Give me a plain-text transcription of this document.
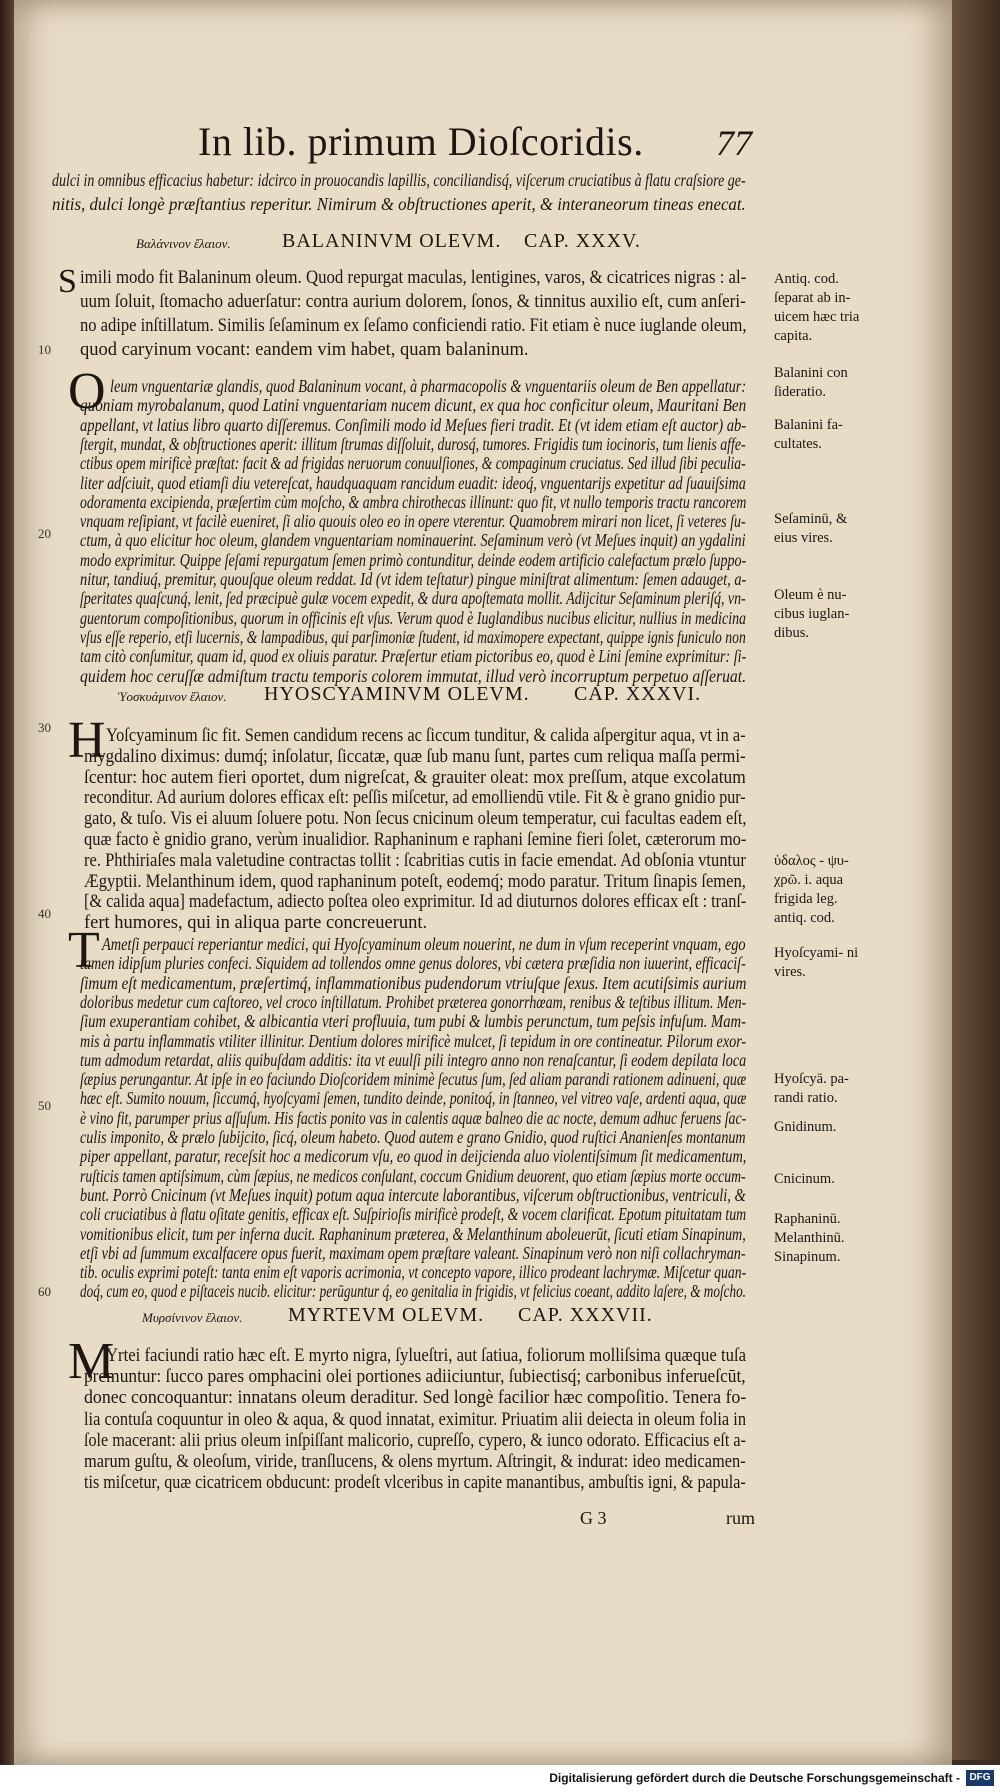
In lib. primum Dioſcoridis. 77
dulci in omnibus efficacius habetur: idcirco in prouocandis lapillis, conciliandisq́, viſcerum cruciatibus à flatu craſsiore ge-
nitis, dulci longè præſtantius reperitur. Nimirum & obſtructiones aperit, & interaneorum tineas enecat.
Βαλάνινον ἔλαιον.	BALANINVM OLEVM. CAP. XXXV.
S imili modo fit Balaninum oleum. Quod repurgat maculas, lentigines, varos, & cicatrices nigras : al-
uum ſoluit, ſtomacho aduerſatur: contra aurium dolorem, ſonos, & tinnitus auxilio eſt, cum anſeri-
no adipe inſtillatum. Similis ſeſaminum ex ſeſamo conficiendi ratio. Fit etiam è nuce iuglande oleum,
quod caryinum vocant: eandem vim habet, quam balaninum.
O leum vnguentariæ glandis, quod Balaninum vocant, à pharmacopolis & vnguentariis oleum de Ben appellatur:
quoniam myrobalanum, quod Latini vnguentariam nucem dicunt, ex qua hoc conficitur oleum, Mauritani Ben
appellant, vt latius libro quarto diſſeremus. Conſimili modo id Meſues fieri tradit. Et (vt idem etiam eſt auctor) ab-
ſtergit, mundat, & obſtructiones aperit: illitum ſtrumas diſſoluit, durosq́, tumores. Frigidis tum iocinoris, tum lienis affe-
ctibus opem mirificè præſtat: facit & ad frigidas neruorum conuulſiones, & compaginum cruciatus. Sed illud ſibi peculia-
liter adſciuit, quod etiamſi diu vetereſcat, haudquaquam rancidum euadit: ideoq́, vnguentarijs expetitur ad ſuauiſsima
odoramenta excipienda, præſertim cùm moſcho, & ambra chirothecas illinunt: quo fit, vt nullo temporis tractu rancorem
vnquam reſipiant, vt facilè eueniret, ſi alio quouis oleo eo in opere vterentur. Quamobrem mirari non licet, ſi veteres ſu-
ctum, à quo elicitur hoc oleum, glandem vnguentariam nominauerint. Seſaminum verò (vt Meſues inquit) an ygdalini
modo exprimitur. Quippe ſeſami repurgatum ſemen primò contunditur, deinde eodem artificio calefactum prælo ſuppo-
nitur, tandiuq́, premitur, quouſque oleum reddat. Id (vt idem teſtatur) pingue miniſtrat alimentum: ſemen adauget, a-
ſperitates quaſcunq́, lenit, ſed præcipuè gulæ vocem expedit, & dura apoſtemata mollit. Adijcitur Seſaminum pleriſq́, vn-
guentorum compoſitionibus, quorum in officinis eſt vſus. Verum quod è Iuglandibus nucibus elicitur, nullius in medicina
vſus eſſe reperio, etſi lucernis, & lampadibus, qui parſimoniæ ſtudent, id maximopere expectant, quippe ignis funiculo non
tam citò conſumitur, quam id, quod ex oliuis paratur. Præſertur etiam pictoribus eo, quod è Lini ſemine exprimitur: ſi-
quidem hoc ceruſſæ admiſtum tractu temporis colorem immutat, illud verò incorruptum perpetuo aſſeruat.
Ὑοσκυάμινον ἔλαιον. HYOSCYAMINVM OLEVM. CAP. XXXVI.
H Yoſcyaminum ſic fit. Semen candidum recens ac ſiccum tunditur, & calida aſpergitur aqua, vt in a-
mygdalino diximus: dumq́; inſolatur, ſiccatæ, quæ ſub manu ſunt, partes cum reliqua maſſa permi-
ſcentur: hoc autem fieri oportet, dum nigreſcat, & grauiter oleat: mox preſſum, atque excolatum
reconditur. Ad aurium dolores efficax eſt: peſſis miſcetur, ad emolliendū vtile. Fit & è grano gnidio pur-
gato, & tuſo. Vis ei aluum ſoluere potu. Non ſecus cnicinum oleum temperatur, cui facultas eadem eſt,
quæ facto è gnidio grano, verùm inualidior. Raphaninum e raphani ſemine fieri ſolet, cæterorum mo-
re. Phthiriaſes mala valetudine contractas tollit : ſcabritias cutis in facie emendat. Ad obſonia vtuntur
Ægyptii. Melanthinum idem, quod raphaninum poteſt, eodemq́; modo paratur. Tritum ſinapis ſemen,
[& calida aqua] madefactum, adiecto poſtea oleo exprimitur. Id ad diuturnos dolores efficax eſt : tranſ-
fert humores, qui in aliqua parte concreuerunt.
T Ametſi perpauci reperiantur medici, qui Hyoſcyaminum oleum nouerint, ne dum in vſum receperint vnquam, ego
tamen idipſum pluries confeci. Siquidem ad tollendos omne genus dolores, vbi cætera præſidia non iuuerint, efficaciſ-
ſimum eſt medicamentum, præſertimq́, inflammationibus pudendorum vtriuſque ſexus. Item acutiſsimis aurium
doloribus medetur cum caſtoreo, vel croco inſtillatum. Prohibet præterea gonorrhœam, renibus & teſtibus illitum. Men-
ſium exuperantiam cohibet, & albicantia vteri profluuia, tum pubi & lumbis perunctum, tum peſsis infuſum. Mam-
mis à partu inflammatis vtiliter illinitur. Dentium dolores mirificè mulcet, ſi tepidum in ore contineatur. Pilorum exor-
tum admodum retardat, aliis quibuſdam additis: ita vt euulſi pili integro anno non renaſcantur, ſi eodem depilata loca
ſæpius perungantur. At ipſe in eo faciundo Dioſcoridem minimè ſecutus ſum, ſed aliam parandi rationem adinueni, quæ
hæc eſt. Sumito nouum, ſiccumq́, hyoſcyami ſemen, tundito deinde, ponitoq́, in ſtanneo, vel vitreo vaſe, ardenti aqua, quæ
è vino fit, parumper prius aſſuſum. His factis ponito vas in calentis aquæ balneo die ac nocte, demum adhuc feruens ſac-
culis imponito, & prælo ſubijcito, ſicq́, oleum habeto. Quod autem e grano Gnidio, quod ruſtici Ananienſes montanum
piper appellant, paratur, receſsit hoc a medicorum vſu, eo quod in deijcienda aluo violentiſsimum ſit medicamentum,
ruſticis tamen aptiſsimum, cùm ſæpius, ne medicos conſulant, coccum Gnidium deuorent, quo etiam ſæpius morte occum-
bunt. Porrò Cnicinum (vt Meſues inquit) potum aqua intercute laborantibus, viſcerum obſtructionibus, ventriculi, &
coli cruciatibus à flatu oſitate genitis, efficax eſt. Suſpirioſis mirificè prodeſt, & vocem clarificat. Epotum pituitatam tum
vomitionibus elicit, tum per inferna ducit. Raphaninum præterea, & Melanthinum aboleuerūt, ſicuti etiam Sinapinum,
etſi vbi ad ſummum excalfacere opus fuerit, maximam opem præſtare valeant. Sinapinum verò non niſi collachryman-
tib. oculis exprimi poteſt: tanta enim eſt vaporis acrimonia, vt concepto vapore, illico prodeant lachrymæ. Miſcetur quan-
doq́, cum eo, quod e piſtaceis nucib. elicitur: perūguntur q́, eo genitalia in frigidis, vt felicius coeant, addito laſere, & moſcho.
Μυρσίνινον ἔλαιον. MYRTEVM OLEVM. CAP. XXXVII.
M
Yrtei faciundi ratio hæc eſt. E myrto nigra, ſylueſtri, aut ſatiua, foliorum molliſsima quæque tuſa
premuntur: ſucco pares omphacini olei portiones adiiciuntur, ſubiectisq́; carbonibus inferueſcūt,
donec concoquantur: innatans oleum deraditur. Sed longè facilior hæc compoſitio. Tenera fo-
lia contuſa coquuntur in oleo & aqua, & quod innatat, eximitur. Priuatim alii deiecta in oleum folia in
ſole macerant: alii prius oleum inſpiſſant malicorio, cupreſſo, cypero, & iunco odorato. Efficacius eſt a-
marum guſtu, & oleoſum, viride, tranſlucens, & olens myrtum. Aſtringit, & indurat: ideo medicamen-
tis miſcetur, quæ cicatricem obducunt: prodeſt vlceribus in capite manantibus, ambuſtis igni, & papula-
G 3	rum
Antiq. cod. ſeparat ab in- uicem hæc tria capita.
Balanini con ſideratio.
Balanini fa- cultates.
Seſaminū, & eius vires.
Oleum è nu- cibus iuglan- dibus.
ὑδαλος - ψυ- χρῶ. i. aqua frigida leg. antiq. cod.
Hyoſcyami- ni vires.
Hyoſcyā. pa- randi ratio.
Gnidinum.
Cnicinum.
Raphaninū. Melanthinū. Sinapinum.
10
20
30
40
50
60
Digitalisierung gefördert durch die Deutsche Forschungsgemeinschaft - DFG
